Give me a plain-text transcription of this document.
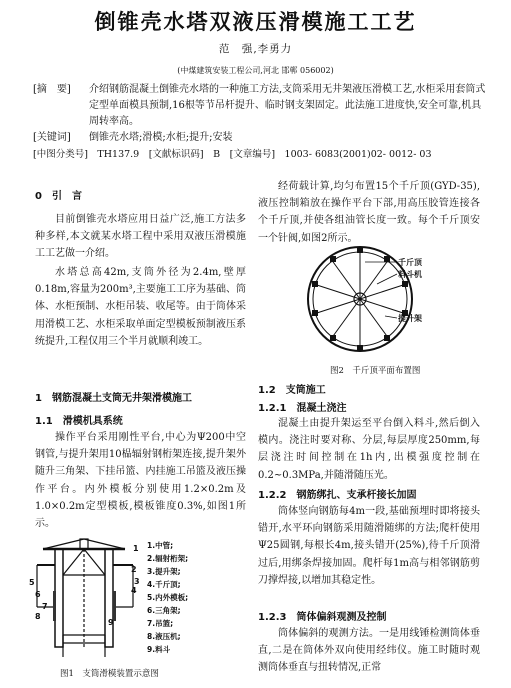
倒锥壳水塔双液压滑模施工工艺
范　强,李勇力
(中煤建筑安装工程公司,河北 邯郸 056002)
[摘　要] 介绍钢筋混凝土倒锥壳水塔的一种施工方法,支筒采用无井架液压滑模工艺,水柜采用套筒式定型单面模具预制,16根等节吊杆提升、临时钢支架固定。此法施工进度快,安全可靠,机具周转率高。
[关键词] 倒锥壳水塔;滑模;水柜;提升;安装
[中图分类号]　TH137.9　[文献标识码]　B　[文章编号]　1003- 6083(2001)02- 0012- 03
0　引　言
目前倒锥壳水塔应用日益广泛,施工方法多种多样,本文就某水塔工程中采用双液压滑模施工工艺做一介绍。
水塔总高42m,支筒外径为2.4m,壁厚0.18m,容量为200m³,主要施工工序为基础、筒体、水柜预制、水柜吊装、收尾等。由于筒体采用滑模工艺、水柜采取单面定型模板预制液压系统提升,工程仅用三个半月就顺利竣工。
1　钢筋混凝土支筒无井架滑模施工
1.1　滑模机具系统
操作平台采用刚性平台,中心为Ψ200中空钢管,与提升架用10榀辐射钢桁架连接,提升架外随升三角架、下挂吊篮、内挂施工吊篮及液压操作平台。内外模板分别使用1.2×0.2m及1.0×0.2m定型模板,模板锥度0.3%,如图1所示。
1
2
3
4
5
6
7
8
9
1.中管;
2.辐射桁架;
3.提升架;
4.千斤顶;
5.内外模板;
6.三角架;
7.吊篮;
8.液压机;
9.料斗
图1　支筒滑模装置示意图
经荷载计算,均匀布置15个千斤顶(GYD-35),液压控制箱放在操作平台下部,用高压胶管连接各个千斤顶,并使各组油管长度一致。每个千斤顶安一个针阀,如图2所示。
千斤顶
料斗机
提升架
图2　千斤顶平面布置图
1.2　支筒施工
1.2.1　混凝土浇注
混凝土由提升架运至平台倒入料斗,然后倒入模内。浇注时要对称、分层,每层厚度250mm,每层浇注时间控制在1h内,出模强度控制在0.2~0.3MPa,并随滑随压光。
1.2.2　钢筋绑扎、支承杆接长加固
筒体竖向钢筋每4m一段,基础预埋时即将接头错开,水平环向钢筋采用随滑随绑的方法;爬杆使用Ψ25圆钢,每根长4m,接头错开(25%),待千斤顶滑过后,用绑条焊接加固。爬杆每1m高与相邻钢筋剪刀撑焊接,以增加其稳定性。
1.2.3　筒体偏斜观测及控制
筒体偏斜的观测方法。一是用线锤检测筒体垂直,二是在筒体外双向使用经纬仪。施工时随时观测筒体垂直与扭转情况,正常
